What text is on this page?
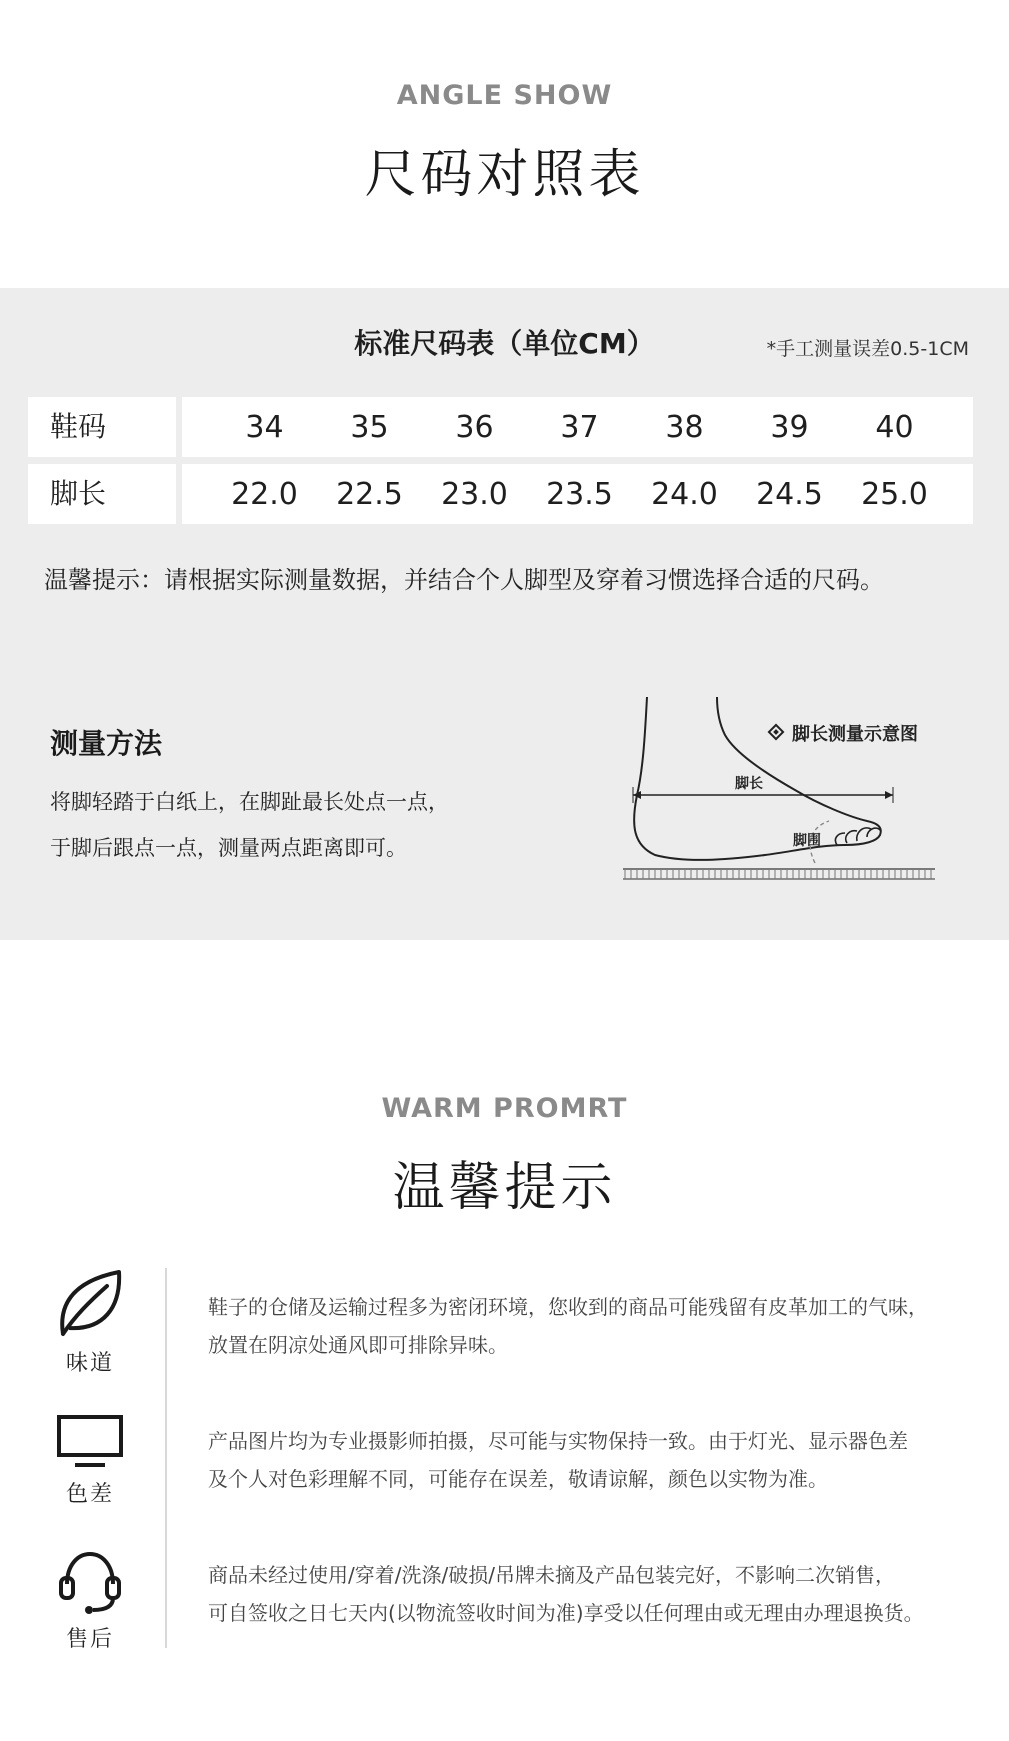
ANGLE SHOW
尺码对照表
标准尺码表（单位CM）	*手工测量误差0.5-1CM
鞋码	34	35	36	37	38	39	40
脚长	22.0	22.5	23.0	23.5	24.0	24.5	25.0
温馨提示：请根据实际测量数据，并结合个人脚型及穿着习惯选择合适的尺码。
测量方法
将脚轻踏于白纸上，在脚趾最长处点一点，
于脚后跟点一点，测量两点距离即可。
脚长测量示意图
脚长
脚围
WARM PROMRT
温馨提示
味道
鞋子的仓储及运输过程多为密闭环境，您收到的商品可能残留有皮革加工的气味，
放置在阴凉处通风即可排除异味。
色差
产品图片均为专业摄影师拍摄，尽可能与实物保持一致。由于灯光、显示器色差
及个人对色彩理解不同，可能存在误差，敬请谅解，颜色以实物为准。
售后
商品未经过使用/穿着/洗涤/破损/吊牌未摘及产品包装完好，不影响二次销售，
可自签收之日七天内(以物流签收时间为准)享受以任何理由或无理由办理退换货。
